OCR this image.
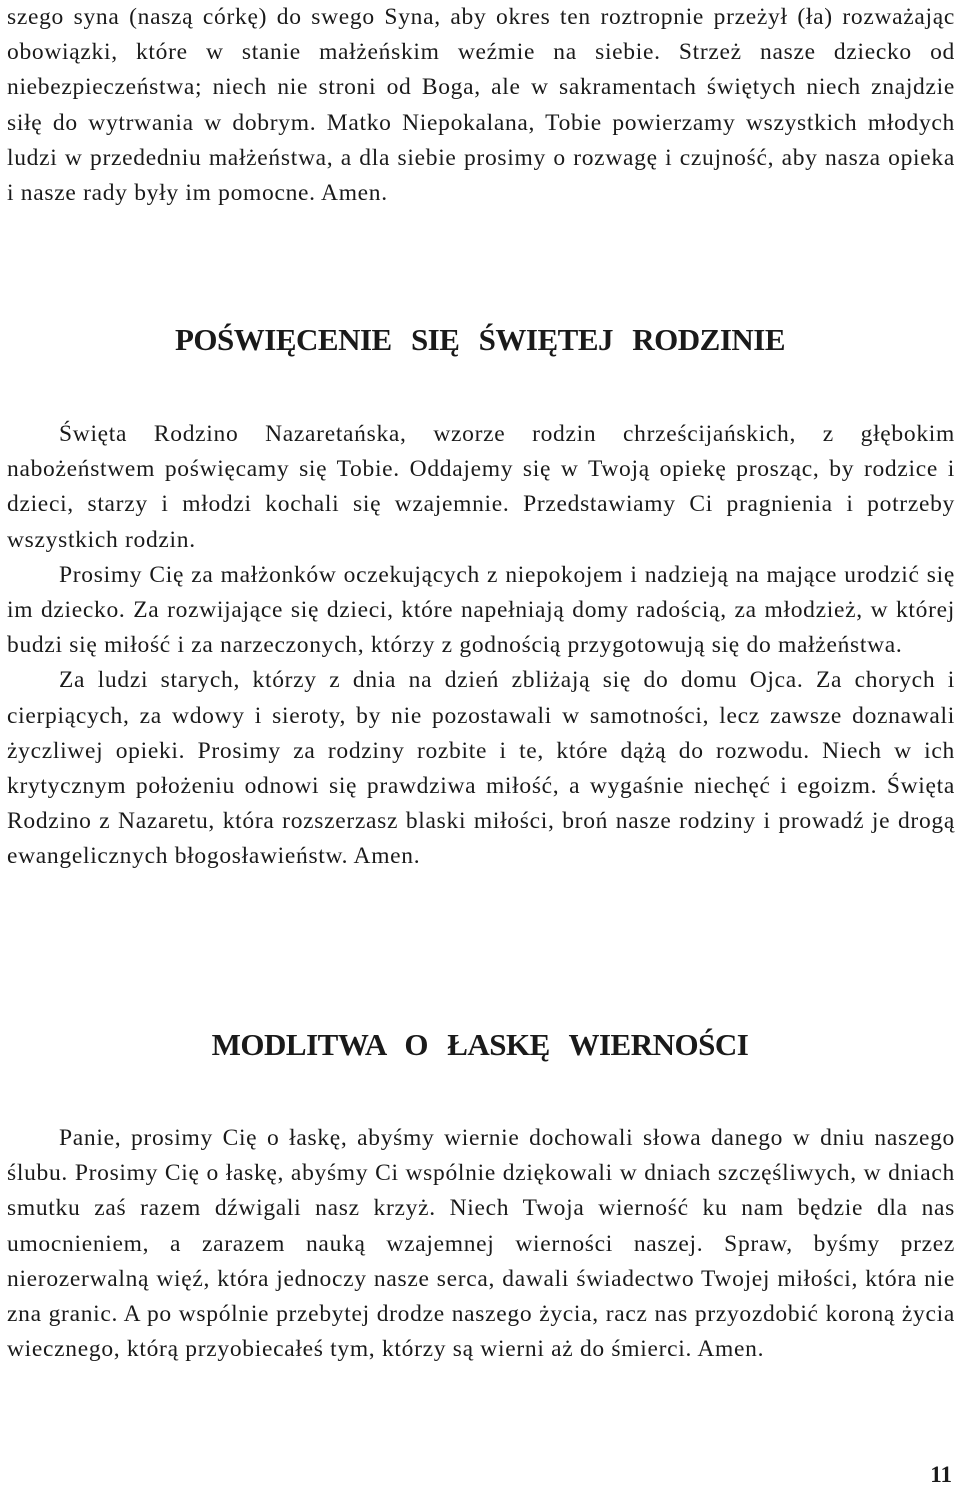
szego syna (naszą córkę) do swego Syna, aby okres ten roztropnie przeżył (ła) rozważając obowiązki, które w stanie małżeńskim weźmie na siebie. Strzeż nasze dziecko od niebezpieczeństwa; niech nie stroni od Boga, ale w sakramentach świętych niech znajdzie siłę do wytrwania w dobrym. Matko Niepokalana, Tobie powierzamy wszystkich młodych ludzi w przededniu małżeństwa, a dla siebie prosimy o rozwagę i czujność, aby nasza opieka i nasze rady były im pomocne. Amen.

POŚWIĘCENIE SIĘ ŚWIĘTEJ RODZINIE

Święta Rodzino Nazaretańska, wzorze rodzin chrześcijańskich, z głębokim nabożeństwem poświęcamy się Tobie. Oddajemy się w Twoją opiekę prosząc, by rodzice i dzieci, starzy i młodzi kochali się wzajemnie. Przedstawiamy Ci pragnienia i potrzeby wszystkich rodzin.

Prosimy Cię za małżonków oczekujących z niepokojem i nadzieją na mające urodzić się im dziecko. Za rozwijające się dzieci, które napełniają domy radością, za młodzież, w której budzi się miłość i za narzeczonych, którzy z godnością przygotowują się do małżeństwa.

Za ludzi starych, którzy z dnia na dzień zbliżają się do domu Ojca. Za chorych i cierpiących, za wdowy i sieroty, by nie pozostawali w samotności, lecz zawsze doznawali życzliwej opieki. Prosimy za rodziny rozbite i te, które dążą do rozwodu. Niech w ich krytycznym położeniu odnowi się prawdziwa miłość, a wygaśnie niechęć i egoizm. Święta Rodzino z Nazaretu, która rozszerzasz blaski miłości, broń nasze rodziny i prowadź je drogą ewangelicznych błogosławieństw. Amen.

MODLITWA O ŁASKĘ WIERNOŚCI

Panie, prosimy Cię o łaskę, abyśmy wiernie dochowali słowa danego w dniu naszego ślubu. Prosimy Cię o łaskę, abyśmy Ci wspólnie dziękowali w dniach szczęśliwych, w dniach smutku zaś razem dźwigali nasz krzyż. Niech Twoja wierność ku nam będzie dla nas umocnieniem, a zarazem nauką wzajemnej wierności naszej. Spraw, byśmy przez nierozerwalną więź, która jednoczy nasze serca, dawali świadectwo Twojej miłości, która nie zna granic. A po wspólnie przebytej drodze naszego życia, racz nas przyozdobić koroną życia wiecznego, którą przyobiecałeś tym, którzy są wierni aż do śmierci. Amen.

11
